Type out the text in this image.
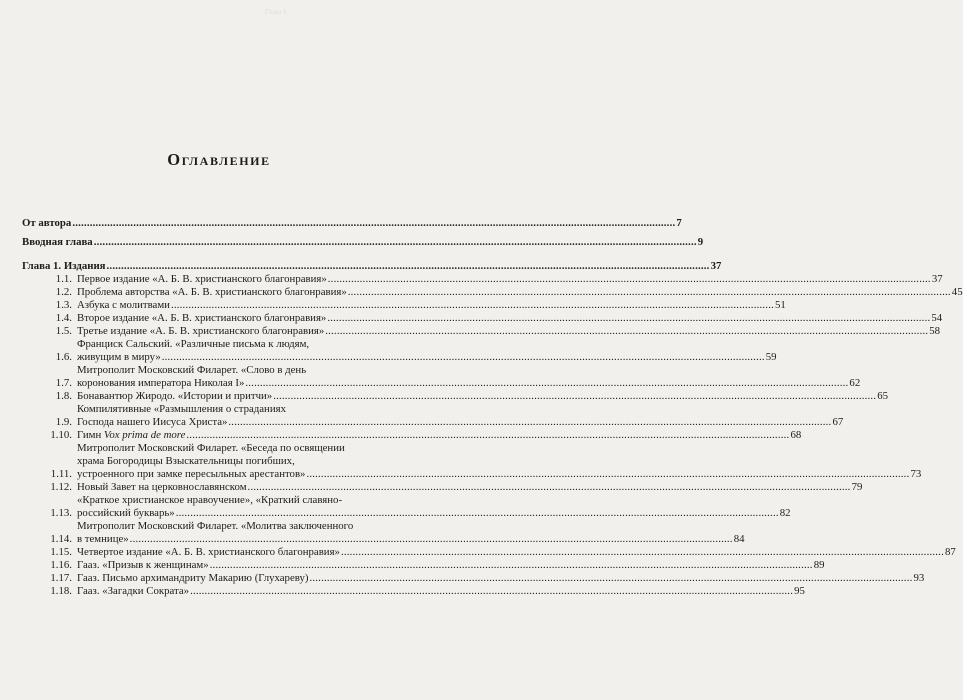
Глава 6
Оглавление
От автора .....	7
Вводная глава .....	9
Глава 1. Издания .....	37
1.1. Первое издание «А. Б. В. христианского благонравия» .....	37
1.2. Проблема авторства «А. Б. В. христианского благонравия» .....	45
1.3. Азбука с молитвами .....	51
1.4. Второе издание «А. Б. В. христианского благонравия» .....	54
1.5. Третье издание «А. Б. В. христианского благонравия» .....	58
1.6.
Франциск Сальский. «Различные письма к людям,
живущим в миру» .....	59
1.7.
Митрополит Московский Филарет. «Слово в день
коронования императора Николая I» .....	62
1.8. Бонавантюр Жиродо. «Истории и притчи» .....	65
1.9.
Компилятивные «Размышления о страданиях
Господа нашего Иисуса Христа» .....	67
1.10. Гимн Vox prima de more .....	68
1.11.
Митрополит Московский Филарет. «Беседа по освящении
храма Богородицы Взыскательницы погибших,
устроенного при замке пересыльных арестантов» .....	73
1.12. Новый Завет на церковнославянском .....	79
1.13.
«Краткое христианское нравоучение», «Краткий славяно-
российский букварь» .....	82
1.14.
Митрополит Московский Филарет. «Молитва заключенного
в темнице» .....	84
1.15. Четвертое издание «А. Б. В. христианского благонравия» .....	87
1.16. Гааз. «Призыв к женщинам» .....	89
1.17. Гааз. Письмо архимандриту Макарию (Глухареву) .....	93
1.18. Гааз. «Загадки Сократа» .....	95
